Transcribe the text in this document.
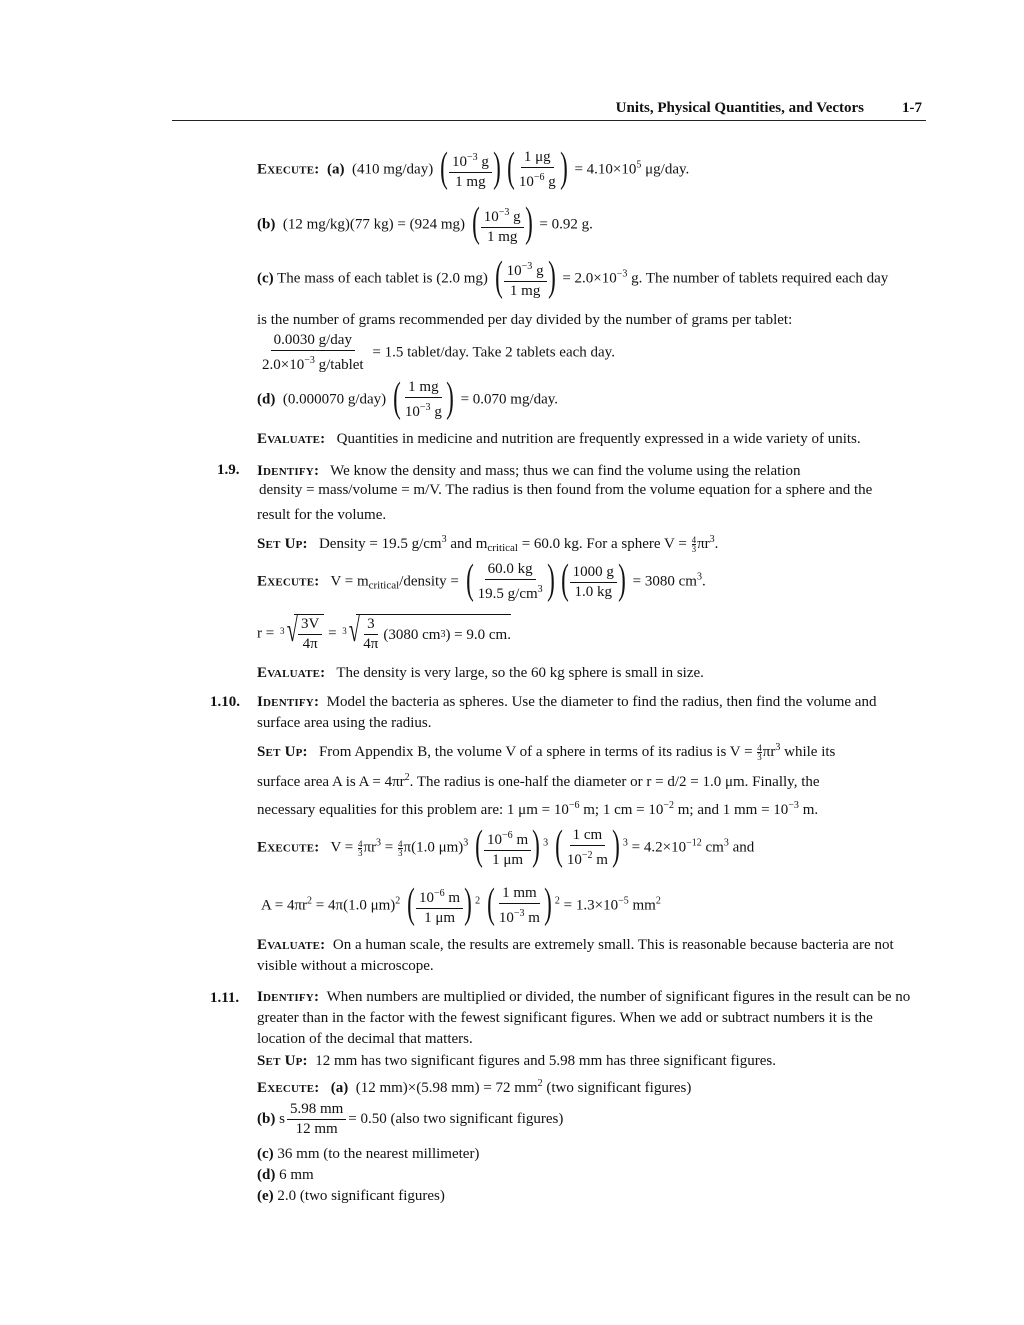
Units, Physical Quantities, and Vectors	1-7
Execute: (a) (410 mg/day) ( $\frac{10^{-3} g}{1 mg}$ ) ( $\frac{1 \mu g}{10^{-6} g}$ ) = $4.10\times 10^5$ μg/day.
(b) (12 mg/kg)(77 kg) = (924 mg) ( $\frac{10^{-3} g}{1 mg}$ ) = 0.92 g.
(c) The mass of each tablet is (2.0 mg) ( $\frac{10^{-3} g}{1 mg}$ ) = $2.0\times 10^{-3}$ g. The number of tablets required each day
is the number of grams recommended per day divided by the number of grams per tablet:
$\frac{\text{0.0030 g/day}}{2.0\times 10^{-3} g/tablet} = 1.5$ tablet/day. Take 2 tablets each day.
(d) (0.000070 g/day) ( $\frac{1 mg}{10^{-3} g}$ ) = 0.070 mg/day.
Evaluate: Quantities in medicine and nutrition are frequently expressed in a wide variety of units.
1.9. Identify: We know the density and mass; thus we can find the volume using the relation
density = mass/volume = m/V. The radius is then found from the volume equation for a sphere and the
result for the volume.
Set Up: Density = 19.5 $g/cm^3$ and $m_{critical} = 60.0$ kg. For a sphere $V = \frac{4}{3} \pi r^3$.
Execute: $V = m_{critical}$/density = ( $\frac{60.0 kg}{19.5 g/cm^3}$ ) ( $\frac{1000 g}{1.0 kg}$ ) = 3080 $cm^3$.
r = 3 √ $\frac{3V}{4\pi} = 3$ √ $\frac{3}{4\pi} (3080$ cm 3 ) = 9.0 cm.
Evaluate: The density is very large, so the 60 kg sphere is small in size.
1.10. Identify: Model the bacteria as spheres. Use the diameter to find the radius, then find the volume and surface area using the radius.
Set Up: From Appendix B, the volume V of a sphere in terms of its radius is $V = \frac{4}{3} \pi r^3$ while its
surface area A is $A = 4\pi r^2$. The radius is one-half the diameter or r = d/2 = 1.0 μm. Finally, the
necessary equalities for this problem are: 1 $\mu m = 10^{-6}$ m; 1 cm = $10^{-2}$ m; and 1 mm = $10^{-3}$ m.
Execute: $V = \frac{4}{3} \pi r^3 = \frac{4}{3} \pi(1.0$ μm)$^3$ ( $\frac{10^{-6} m}{1 \mu m}$ ) $^3$ ( $\frac{1 cm}{10^{-2} m}$ ) $^3 = 4.2\times 10^{-12}$ $cm^3$ and
$A = 4\pi r^2 = 4\pi(1.0$ μm)$^2$ ( $\frac{10^{-6} m}{1 \mu m}$ ) $^2$ ( $\frac{1 mm}{10^{-3} m}$ ) $^2 = 1.3\times 10^{-5}$ $mm^2$
Evaluate: On a human scale, the results are extremely small. This is reasonable because bacteria are not visible without a microscope.
1.11. Identify: When numbers are multiplied or divided, the number of significant figures in the result can be no greater than in the factor with the fewest significant figures. When we add or subtract numbers it is the location of the decimal that matters.
Set Up: 12 mm has two significant figures and 5.98 mm has three significant figures.
Execute: (a) (12 mm)×(5.98 mm) = 72 $mm^2$ (two significant figures)
(b) s $\frac{5.98 mm}{12 mm} = 0.50$ (also two significant figures)
(c) 36 mm (to the nearest millimeter)
(d) 6 mm
(e) 2.0 (two significant figures)
